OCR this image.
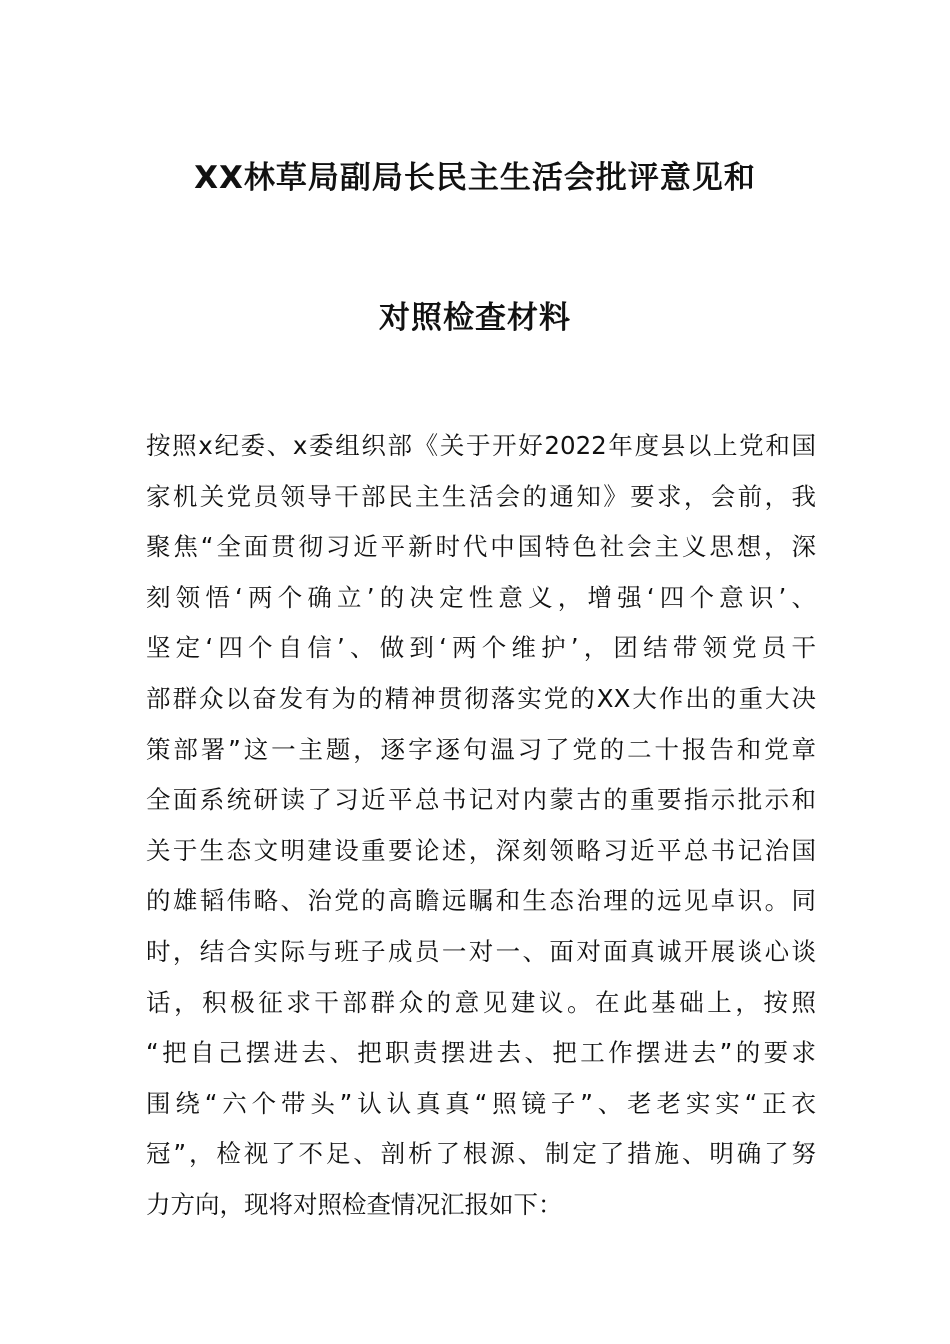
XX林草局副局长民主生活会批评意见和
对照检查材料
按照x纪委、x委组织部《关于开好2022年度县以上党和国
家机关党员领导干部民主生活会的通知》要求，会前，我
聚焦“全面贯彻习近平新时代中国特色社会主义思想，深
刻领悟‘两个确立’的决定性意义，增强‘四个意识’、
坚定‘四个自信’、做到‘两个维护’，团结带领党员干
部群众以奋发有为的精神贯彻落实党的XX大作出的重大决
策部署”这一主题，逐字逐句温习了党的二十报告和党章
全面系统研读了习近平总书记对内蒙古的重要指示批示和
关于生态文明建设重要论述，深刻领略习近平总书记治国
的雄韬伟略、治党的高瞻远瞩和生态治理的远见卓识。同
时，结合实际与班子成员一对一、面对面真诚开展谈心谈
话，积极征求干部群众的意见建议。在此基础上，按照
“把自己摆进去、把职责摆进去、把工作摆进去”的要求
围绕“六个带头”认认真真“照镜子”、老老实实“正衣
冠”，检视了不足、剖析了根源、制定了措施、明确了努
力方向，现将对照检查情况汇报如下：
